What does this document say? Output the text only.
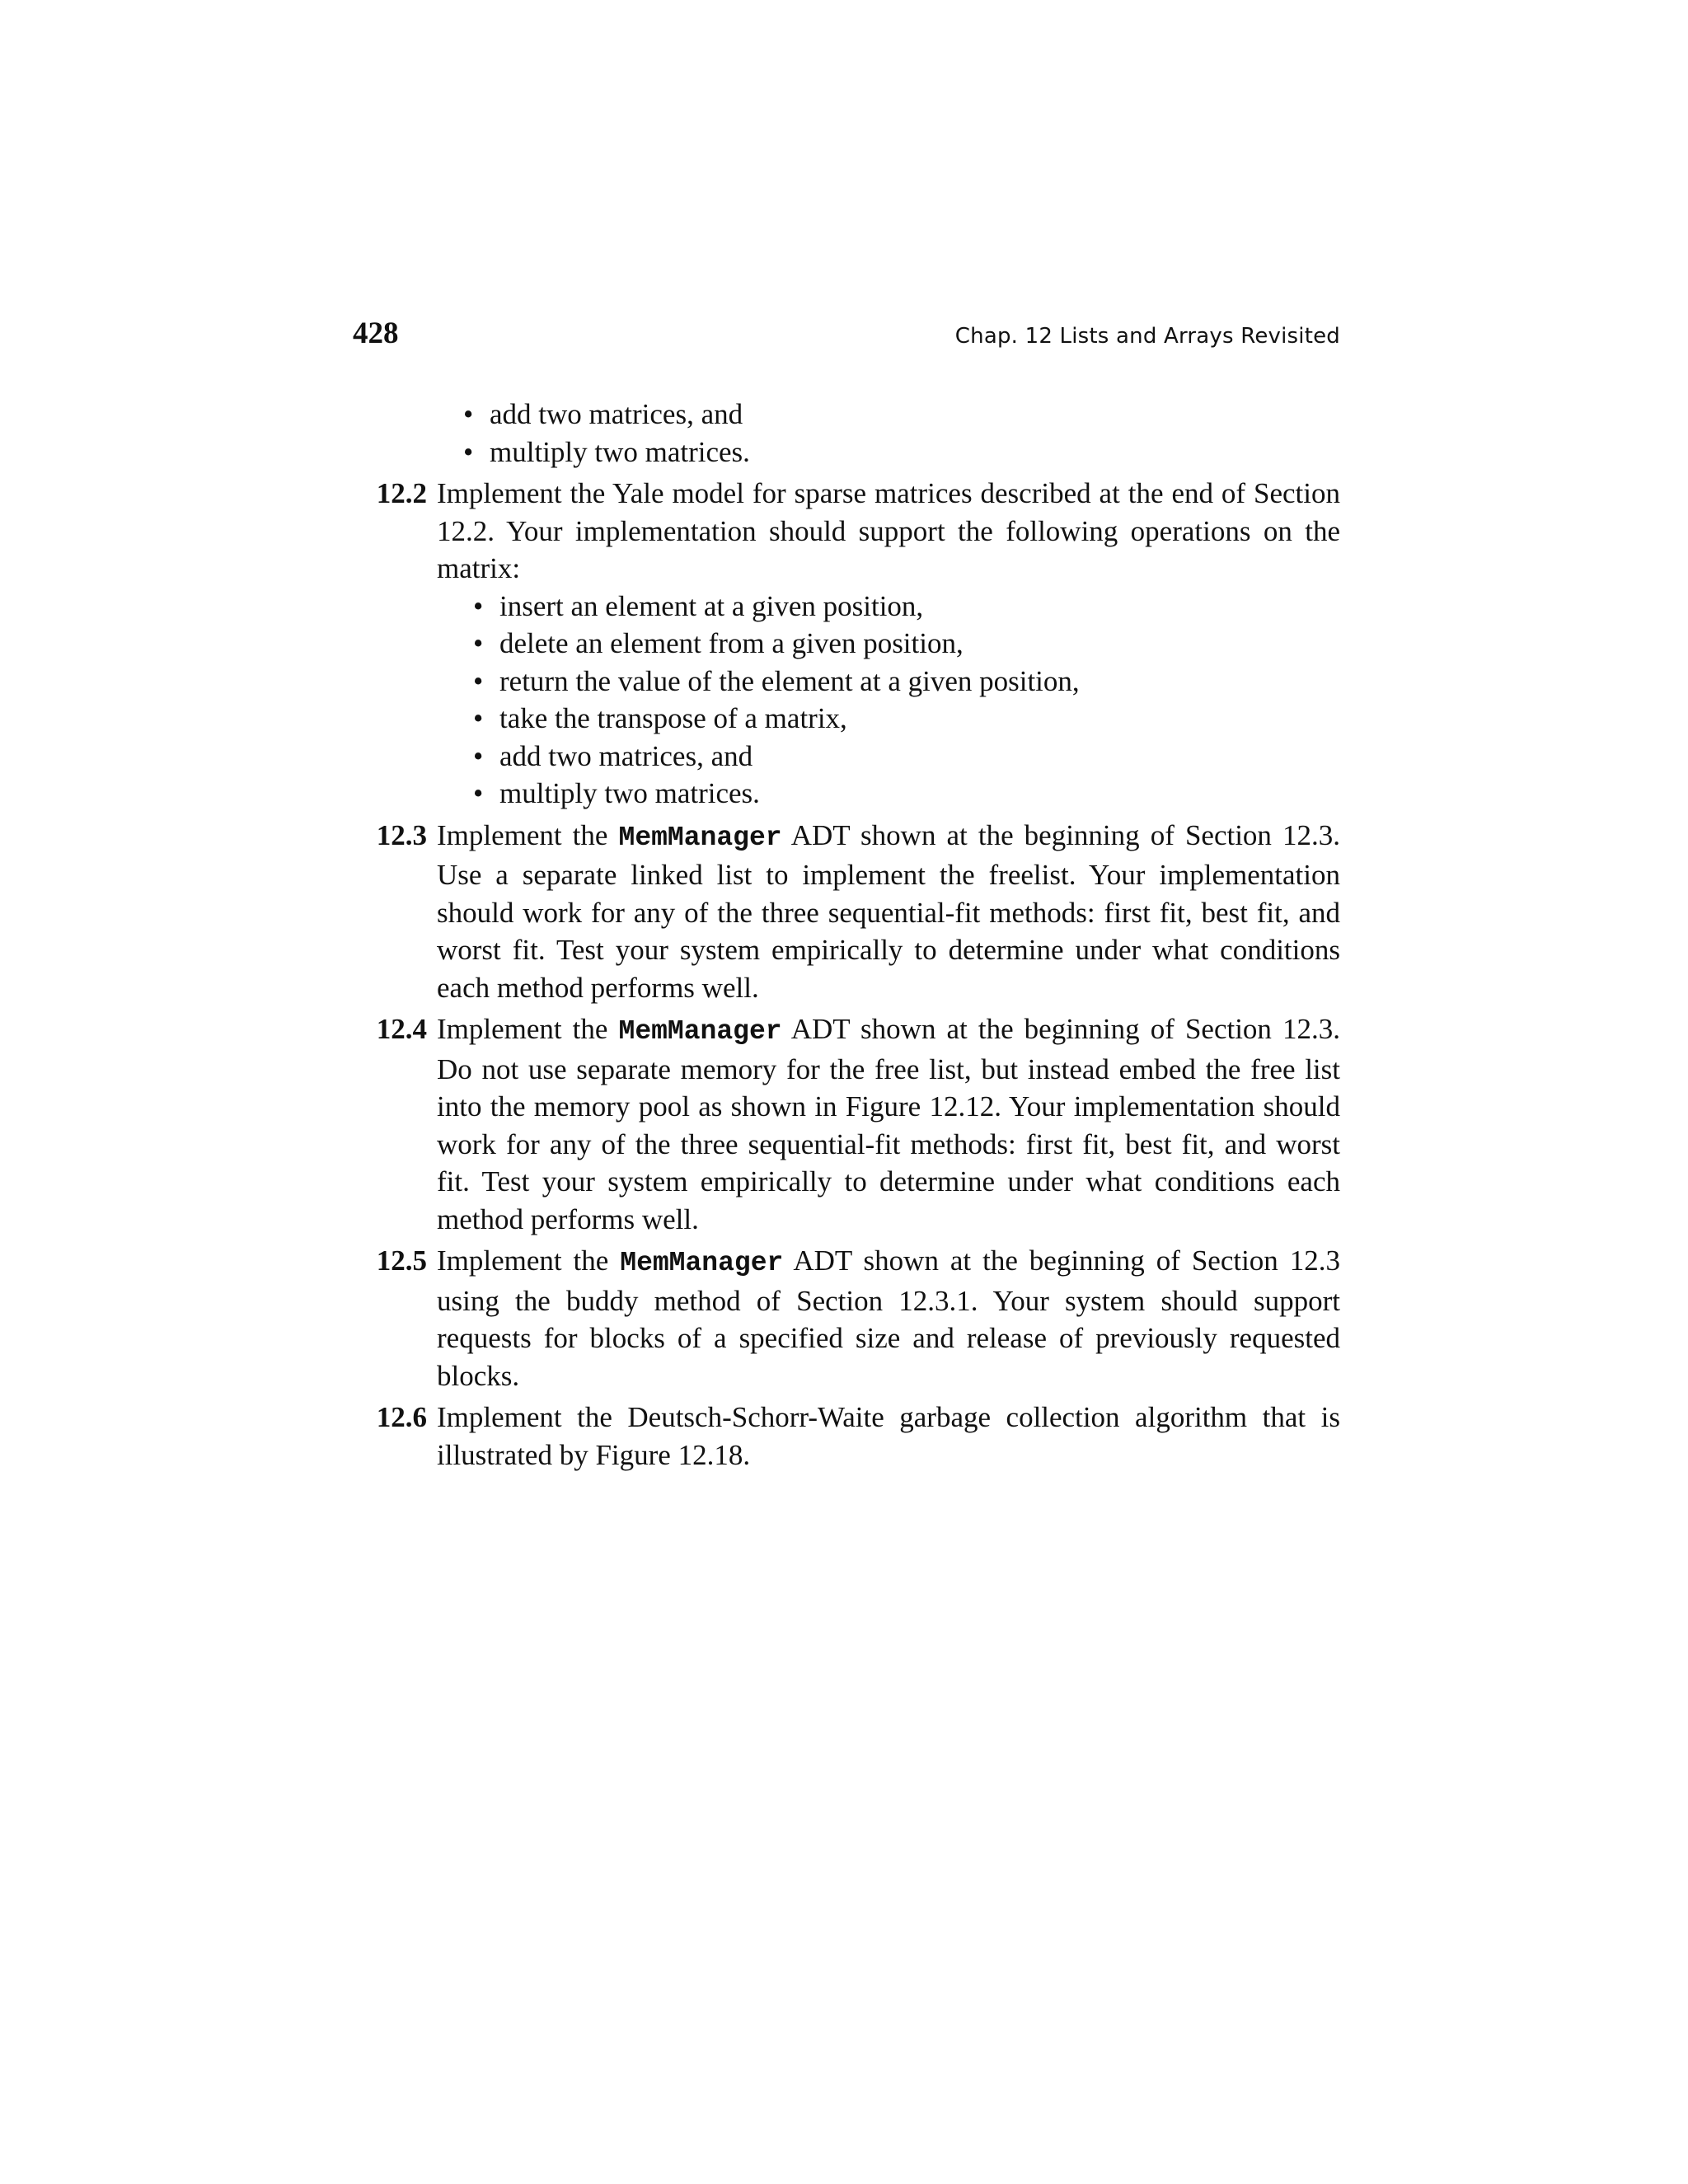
428	Chap. 12 Lists and Arrays Revisited
• add two matrices, and
• multiply two matrices.
12.2 Implement the Yale model for sparse matrices described at the end of Section 12.2. Your implementation should support the following operations on the matrix:
• insert an element at a given position,
• delete an element from a given position,
• return the value of the element at a given position,
• take the transpose of a matrix,
• add two matrices, and
• multiply two matrices.
12.3 Implement the MemManager ADT shown at the beginning of Section 12.3. Use a separate linked list to implement the freelist. Your implementation should work for any of the three sequential-fit methods: first fit, best fit, and worst fit. Test your system empirically to determine under what conditions each method performs well.
12.4 Implement the MemManager ADT shown at the beginning of Section 12.3. Do not use separate memory for the free list, but instead embed the free list into the memory pool as shown in Figure 12.12. Your implementation should work for any of the three sequential-fit methods: first fit, best fit, and worst fit. Test your system empirically to determine under what conditions each method performs well.
12.5 Implement the MemManager ADT shown at the beginning of Section 12.3 using the buddy method of Section 12.3.1. Your system should support requests for blocks of a specified size and release of previously requested blocks.
12.6 Implement the Deutsch-Schorr-Waite garbage collection algorithm that is illustrated by Figure 12.18.
